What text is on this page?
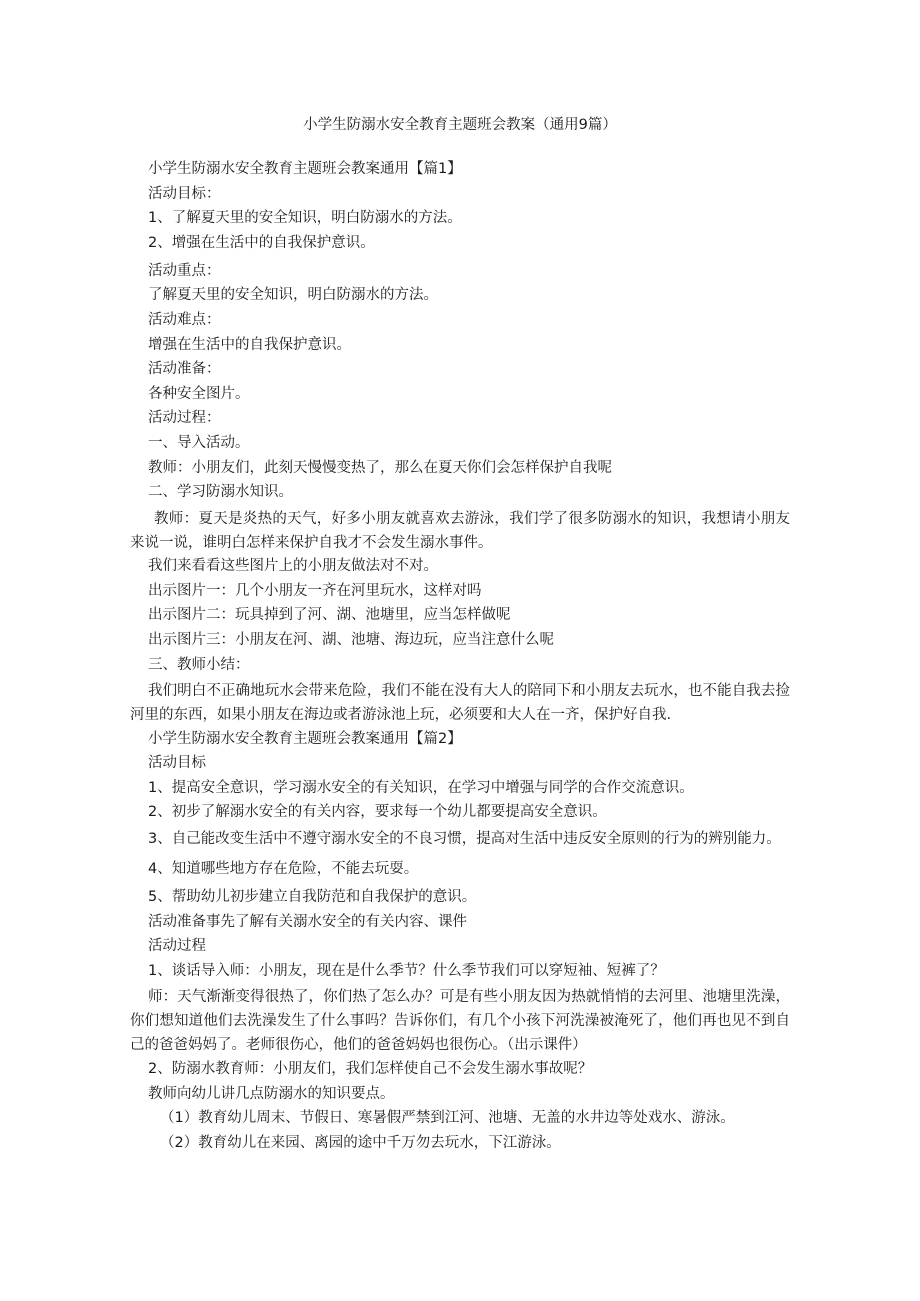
小学生防溺水安全教育主题班会教案（通用9篇）

小学生防溺水安全教育主题班会教案通用【篇1】

活动目标：

1、了解夏天里的安全知识，明白防溺水的方法。

2、增强在生活中的自我保护意识。

活动重点：

了解夏天里的安全知识，明白防溺水的方法。

活动难点：

增强在生活中的自我保护意识。

活动准备：

各种安全图片。

活动过程：

一、导入活动。

教师：小朋友们，此刻天慢慢变热了，那么在夏天你们会怎样保护自我呢

二、学习防溺水知识。

教师：夏天是炎热的天气，好多小朋友就喜欢去游泳，我们学了很多防溺水的知识，我想请小朋友来说一说，谁明白怎样来保护自我才不会发生溺水事件。

我们来看看这些图片上的小朋友做法对不对。

出示图片一：几个小朋友一齐在河里玩水，这样对吗

出示图片二：玩具掉到了河、湖、池塘里，应当怎样做呢

出示图片三：小朋友在河、湖、池塘、海边玩，应当注意什么呢

三、教师小结：

我们明白不正确地玩水会带来危险，我们不能在没有大人的陪同下和小朋友去玩水，也不能自我去捡河里的东西，如果小朋友在海边或者游泳池上玩，必须要和大人在一齐，保护好自我.

小学生防溺水安全教育主题班会教案通用【篇2】

活动目标

1、提高安全意识，学习溺水安全的有关知识，在学习中增强与同学的合作交流意识。

2、初步了解溺水安全的有关内容，要求每一个幼儿都要提高安全意识。

3、自己能改变生活中不遵守溺水安全的不良习惯，提高对生活中违反安全原则的行为的辨别能力。

4、知道哪些地方存在危险，不能去玩耍。

5、帮助幼儿初步建立自我防范和自我保护的意识。

活动准备事先了解有关溺水安全的有关内容、课件

活动过程

1、谈话导入师：小朋友，现在是什么季节？什么季节我们可以穿短袖、短裤了？

师：天气渐渐变得很热了，你们热了怎么办？可是有些小朋友因为热就悄悄的去河里、池塘里洗澡，你们想知道他们去洗澡发生了什么事吗？告诉你们，有几个小孩下河洗澡被淹死了，他们再也见不到自己的爸爸妈妈了。老师很伤心，他们的爸爸妈妈也很伤心。（出示课件）

2、防溺水教育师：小朋友们，我们怎样使自己不会发生溺水事故呢？

教师向幼儿讲几点防溺水的知识要点。

（1）教育幼儿周末、节假日、寒暑假严禁到江河、池塘、无盖的水井边等处戏水、游泳。

（2）教育幼儿在来园、离园的途中千万勿去玩水，下江游泳。
